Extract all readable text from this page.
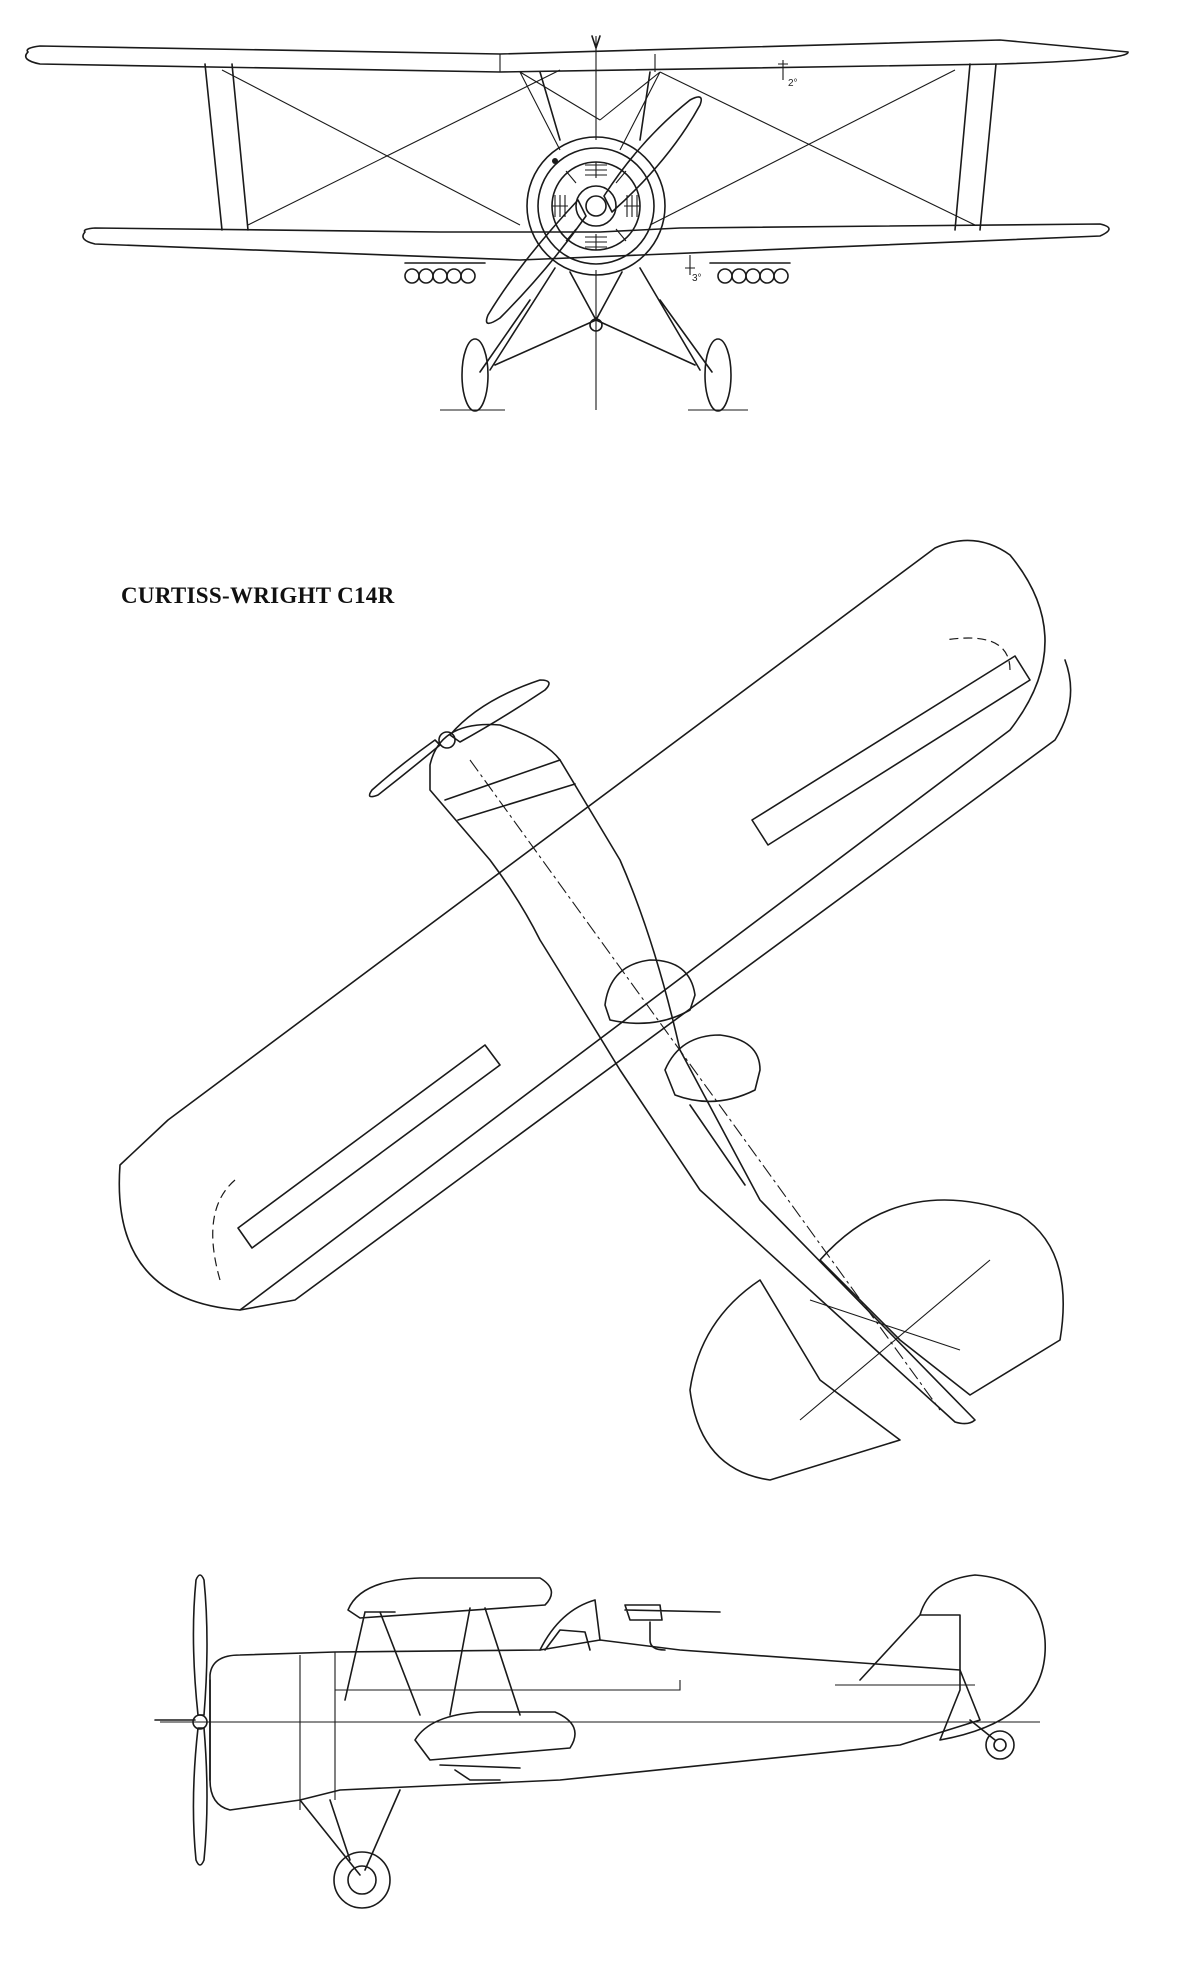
CURTISS-WRIGHT C14R
2°
3°
